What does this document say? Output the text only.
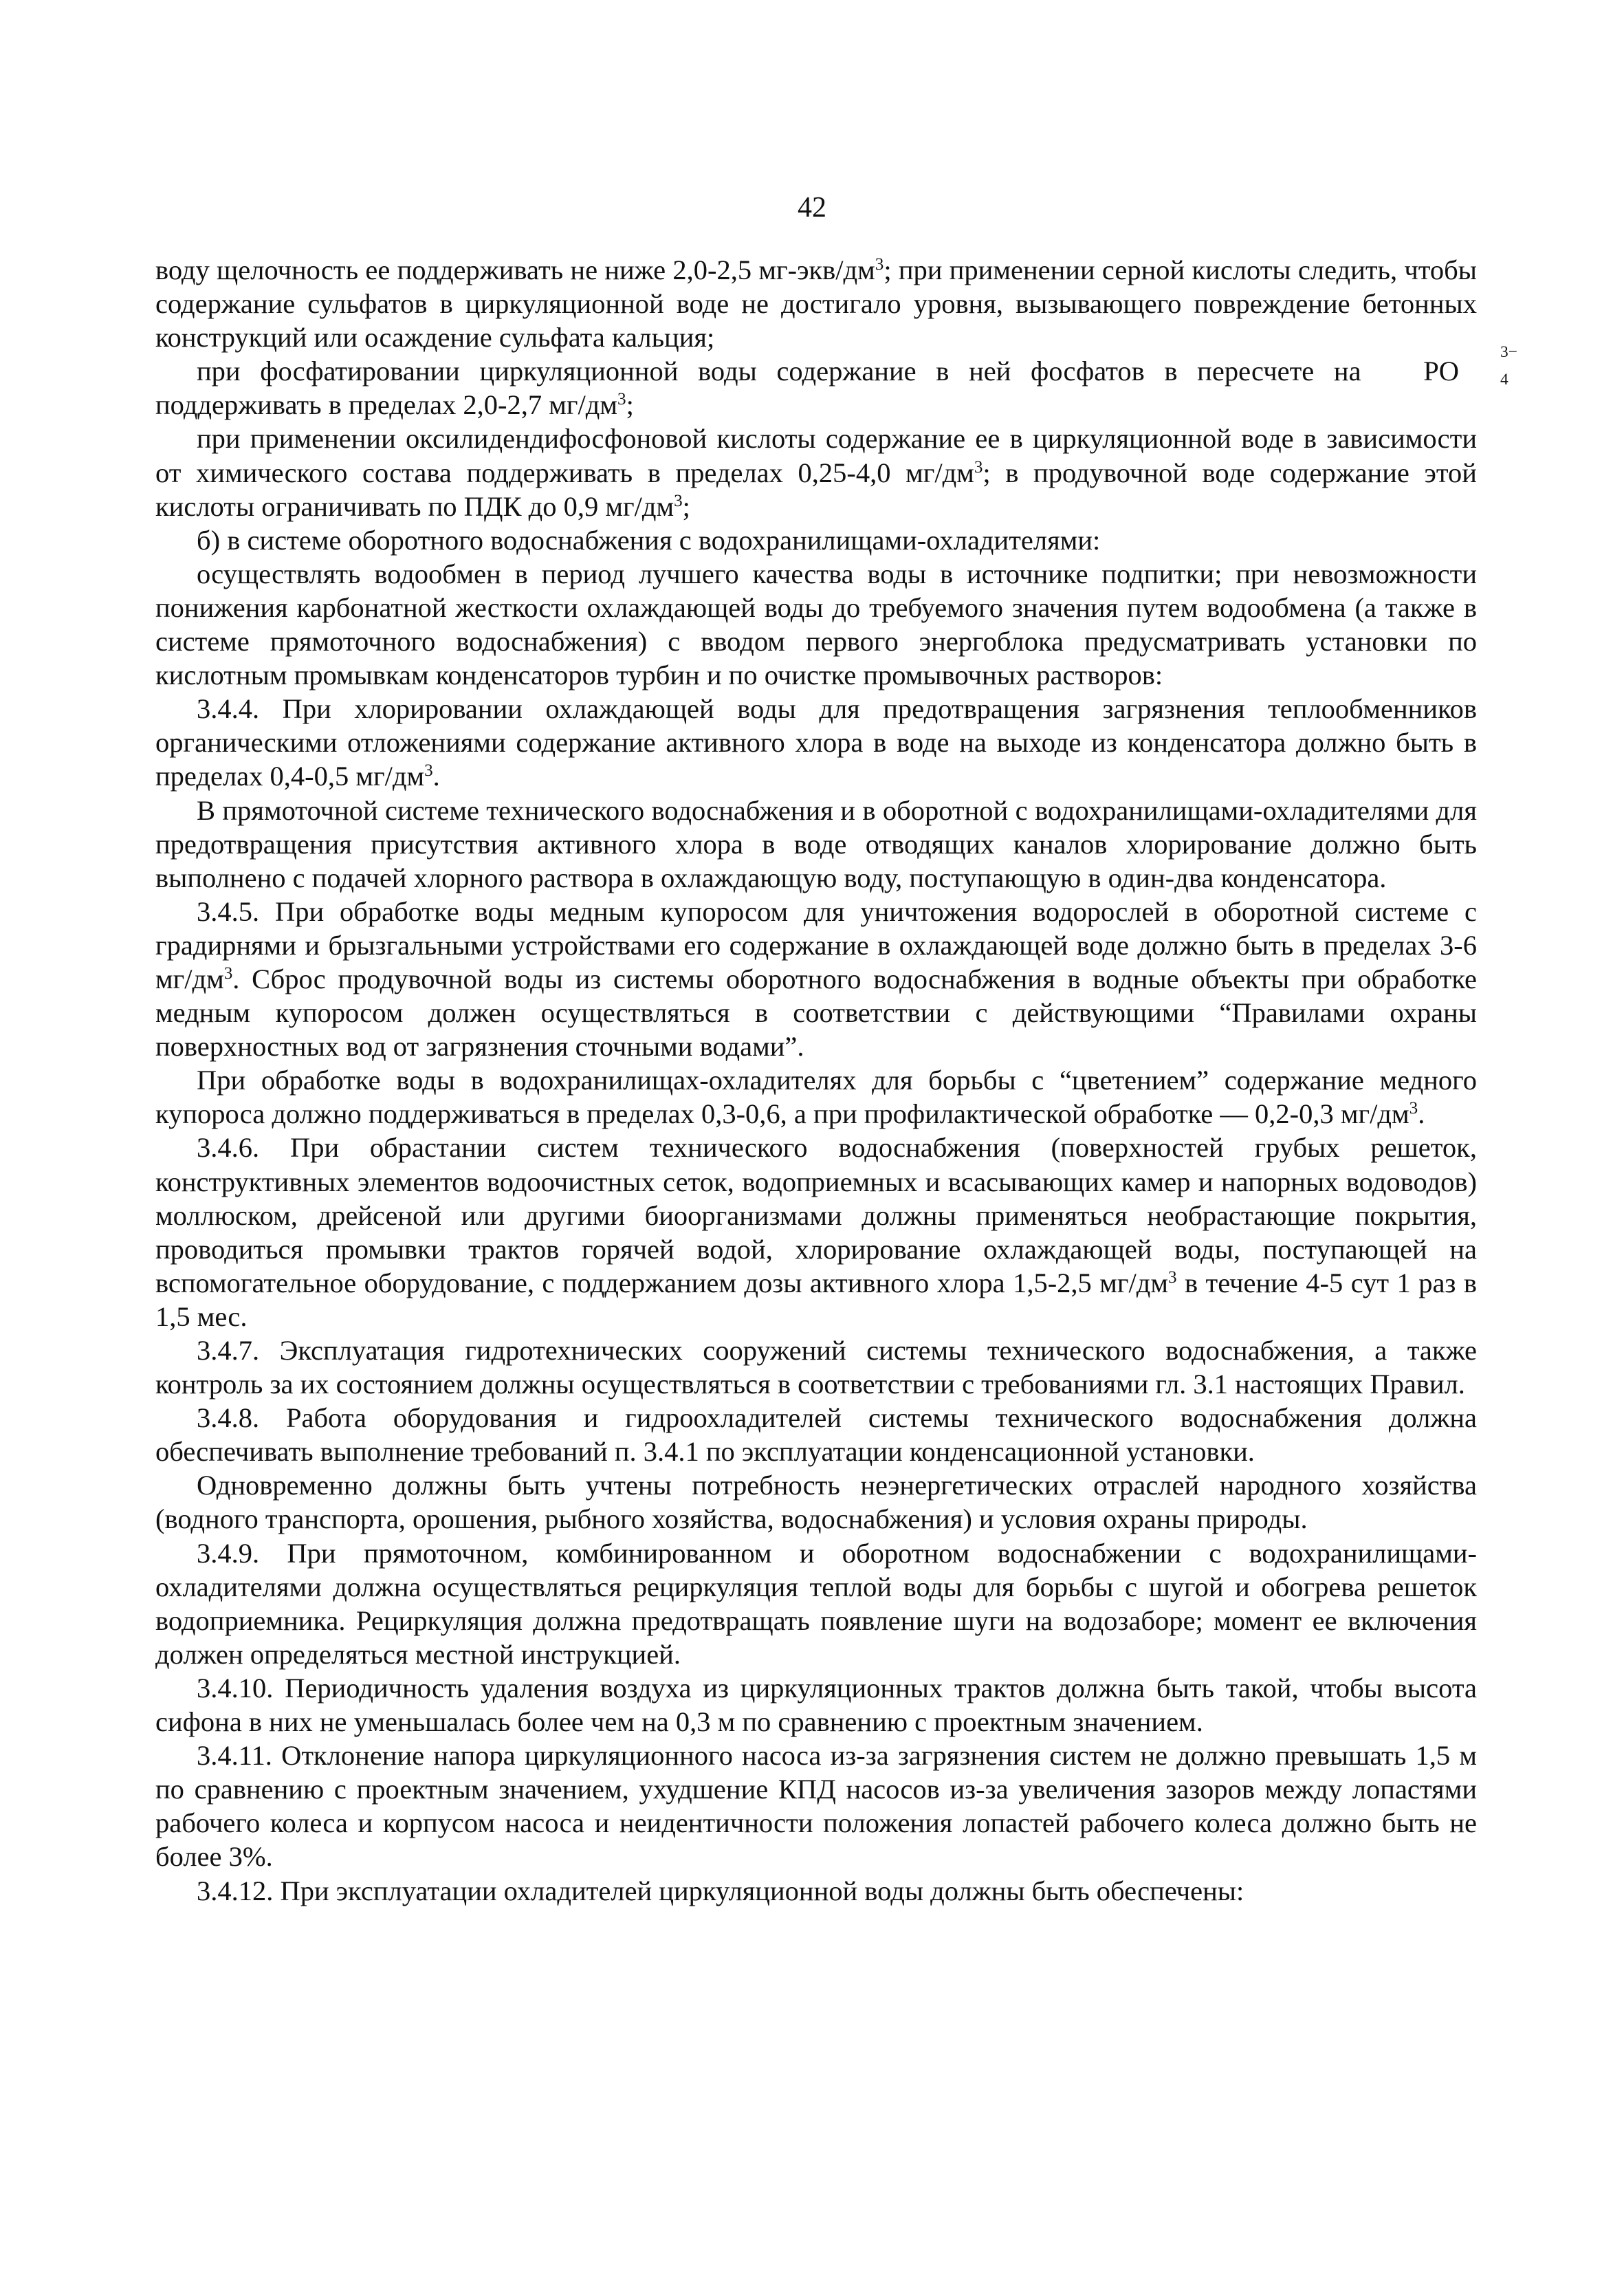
42

воду щелочность ее поддерживать не ниже 2,0-2,5 $мг-экв/дм^3$; при применении серной кислоты следить, чтобы содержание сульфатов в циркуляционной воде не достигало уровня, вызывающего повреждение бетонных конструкций или осаждение сульфата кальция;

при фосфатировании циркуляционной воды содержание в ней фосфатов в пересчете на PO
3−
4
поддерживать в пределах 2,0-2,7 $мг/дм^3$;

при применении оксилидендифосфоновой кислоты содержание ее в циркуляционной воде в зависимости от химического состава поддерживать в пределах 0,25-4,0 $мг/дм^3$; в продувочной воде содержание этой кислоты ограничивать по ПДК до 0,9 $мг/дм^3$;

б) в системе оборотного водоснабжения с водохранилищами-охладителями:

осуществлять водообмен в период лучшего качества воды в источнике подпитки; при невозможности понижения карбонатной жесткости охлаждающей воды до требуемого значения путем водообмена (а также в системе прямоточного водоснабжения) с вводом первого энергоблока предусматривать установки по кислотным промывкам конденсаторов турбин и по очистке промывочных растворов:

3.4.4. При хлорировании охлаждающей воды для предотвращения загрязнения теплообменников органическими отложениями содержание активного хлора в воде на выходе из конденсатора должно быть в пределах 0,4-0,5 $мг/дм^3$.

В прямоточной системе технического водоснабжения и в оборотной с водохранилищами-охладителями для предотвращения присутствия активного хлора в воде отводящих каналов хлорирование должно быть выполнено с подачей хлорного раствора в охлаждающую воду, поступающую в один-два конденсатора.

3.4.5. При обработке воды медным купоросом для уничтожения водорослей в оборотной системе с градирнями и брызгальными устройствами его содержание в охлаждающей воде должно быть в пределах 3-6 $мг/дм^3$. Сброс продувочной воды из системы оборотного водоснабжения в водные объекты при обработке медным купоросом должен осуществляться в соответствии с действующими “Правилами охраны поверхностных вод от загрязнения сточными водами”.

При обработке воды в водохранилищах-охладителях для борьбы с “цветением” содержание медного купороса должно поддерживаться в пределах 0,3-0,6, а при профилактической обработке — 0,2-0,3 $мг/дм^3$.

3.4.6. При обрастании систем технического водоснабжения (поверхностей грубых решеток, конструктивных элементов водоочистных сеток, водоприемных и всасывающих камер и напорных водоводов) моллюском, дрейсеной или другими биоорганизмами должны применяться необрастающие покрытия, проводиться промывки трактов горячей водой, хлорирование охлаждающей воды, поступающей на вспомогательное оборудование, с поддержанием дозы активного хлора 1,5-2,5 $мг/дм^3$ в течение 4-5 сут 1 раз в 1,5 мес.

3.4.7. Эксплуатация гидротехнических сооружений системы технического водоснабжения, а также контроль за их состоянием должны осуществляться в соответствии с требованиями гл. 3.1 настоящих Правил.

3.4.8. Работа оборудования и гидроохладителей системы технического водоснабжения должна обеспечивать выполнение требований п. 3.4.1 по эксплуатации конденсационной установки.

Одновременно должны быть учтены потребность неэнергетических отраслей народного хозяйства (водного транспорта, орошения, рыбного хозяйства, водоснабжения) и условия охраны природы.

3.4.9. При прямоточном, комбинированном и оборотном водоснабжении с водохранилищами-охладителями должна осуществляться рециркуляция теплой воды для борьбы с шугой и обогрева решеток водоприемника. Рециркуляция должна предотвращать появление шуги на водозаборе; момент ее включения должен определяться местной инструкцией.

3.4.10. Периодичность удаления воздуха из циркуляционных трактов должна быть такой, чтобы высота сифона в них не уменьшалась более чем на 0,3 м по сравнению с проектным значением.

3.4.11. Отклонение напора циркуляционного насоса из-за загрязнения систем не должно превышать 1,5 м по сравнению с проектным значением, ухудшение КПД насосов из-за увеличения зазоров между лопастями рабочего колеса и корпусом насоса и неидентичности положения лопастей рабочего колеса должно быть не более 3%.

3.4.12. При эксплуатации охладителей циркуляционной воды должны быть обеспечены:
